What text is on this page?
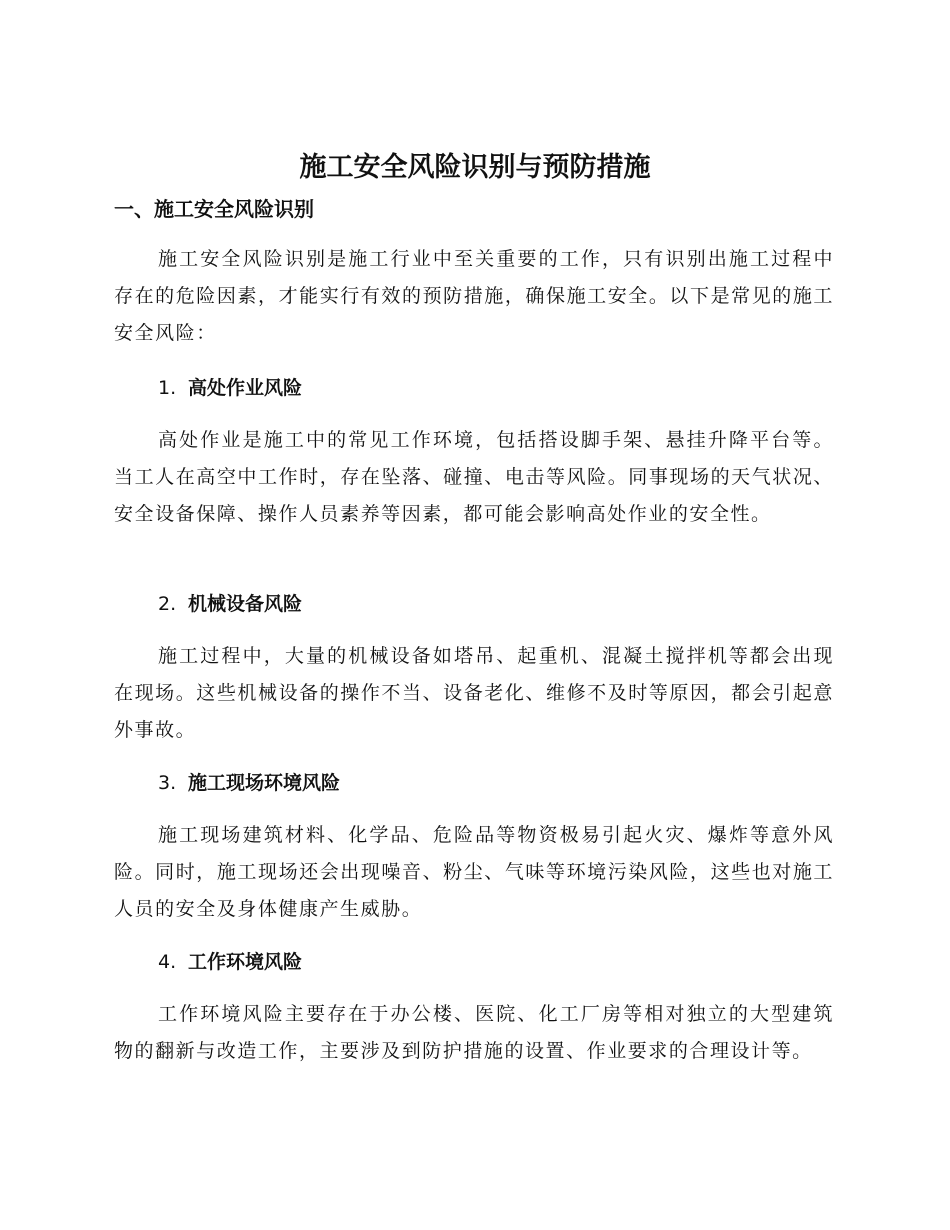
施工安全风险识别与预防措施
一、施工安全风险识别

施工安全风险识别是施工行业中至关重要的工作，只有识别出施工过程中存在的危险因素，才能实行有效的预防措施，确保施工安全。以下是常见的施工安全风险：

1. 高处作业风险

高处作业是施工中的常见工作环境，包括搭设脚手架、悬挂升降平台等。当工人在高空中工作时，存在坠落、碰撞、电击等风险。同事现场的天气状况、安全设备保障、操作人员素养等因素，都可能会影响高处作业的安全性。

2. 机械设备风险

施工过程中，大量的机械设备如塔吊、起重机、混凝土搅拌机等都会出现在现场。这些机械设备的操作不当、设备老化、维修不及时等原因，都会引起意外事故。

3. 施工现场环境风险

施工现场建筑材料、化学品、危险品等物资极易引起火灾、爆炸等意外风险。同时，施工现场还会出现噪音、粉尘、气味等环境污染风险，这些也对施工人员的安全及身体健康产生威胁。

4. 工作环境风险

工作环境风险主要存在于办公楼、医院、化工厂房等相对独立的大型建筑物的翻新与改造工作，主要涉及到防护措施的设置、作业要求的合理设计等。
